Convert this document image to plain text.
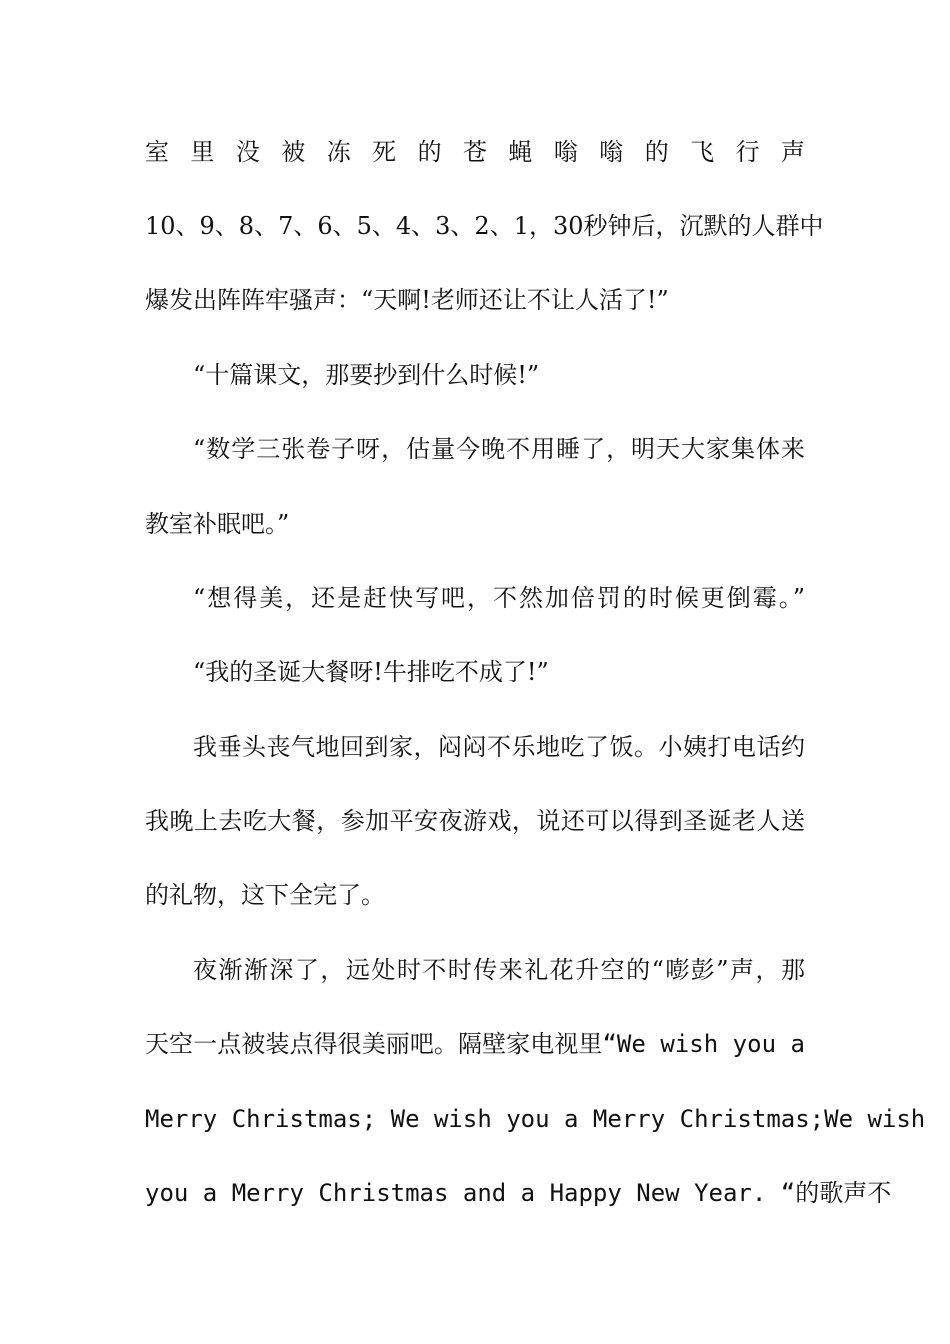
室 里 没 被 冻 死 的 苍 蝇 嗡 嗡 的 飞 行 声
10、9、8、7、6、5、4、3、2、1，30秒钟后，沉默的人群中
爆发出阵阵牢骚声：“天啊!老师还让不让人活了!”
“十篇课文，那要抄到什么时候!”
“数学三张卷子呀，估量今晚不用睡了，明天大家集体来
教室补眠吧。”
“想得美，还是赶快写吧，不然加倍罚的时候更倒霉。”
“我的圣诞大餐呀!牛排吃不成了!”
我垂头丧气地回到家，闷闷不乐地吃了饭。小姨打电话约
我晚上去吃大餐，参加平安夜游戏，说还可以得到圣诞老人送
的礼物，这下全完了。
夜渐渐深了，远处时不时传来礼花升空的“嘭彭”声，那
天空一点被装点得很美丽吧。隔壁家电视里“We wish you a
Merry Christmas; We wish you a Merry Christmas;We wish
you a Merry Christmas and a Happy New Year. “的歌声不
